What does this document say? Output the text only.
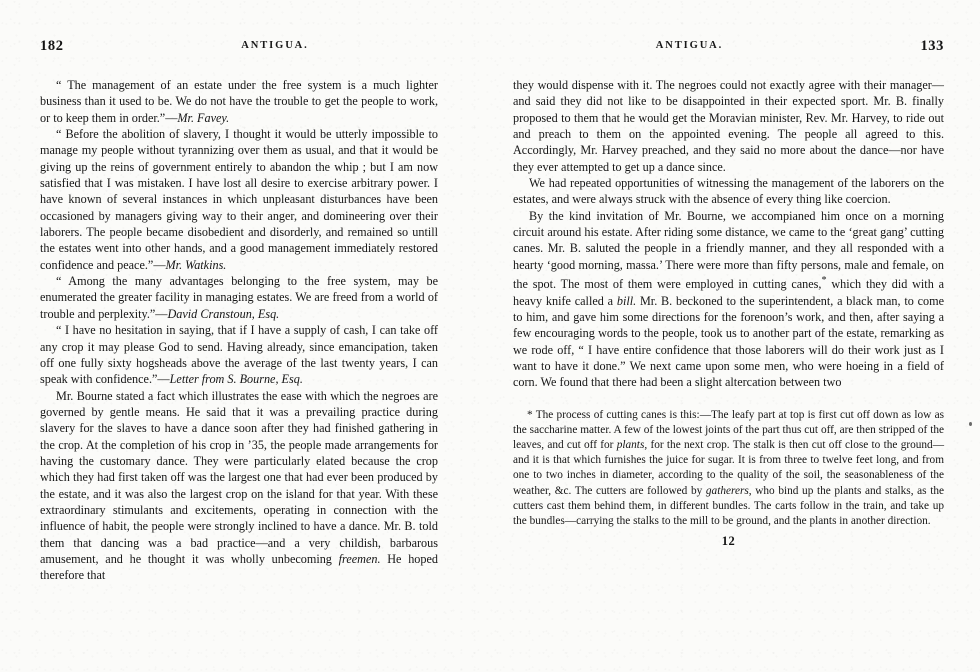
182	ANTIGUA.

“ The management of an estate under the free system is a much lighter business than it used to be. We do not have the trouble to get the people to work, or to keep them in order.”—Mr. Favey.

“ Before the abolition of slavery, I thought it would be utterly impossible to manage my people without tyrannizing over them as usual, and that it would be giving up the reins of government entirely to abandon the whip ; but I am now satisfied that I was mistaken. I have lost all desire to exercise arbitrary power. I have known of several instances in which unpleasant disturbances have been occasioned by managers giving way to their anger, and domineering over their laborers. The people became disobedient and disorderly, and remained so untill the estates went into other hands, and a good management immediately restored confidence and peace.”—Mr. Watkins.

“ Among the many advantages belonging to the free system, may be enumerated the greater facility in managing estates. We are freed from a world of trouble and perplexity.”—David Cranstoun, Esq.

“ I have no hesitation in saying, that if I have a supply of cash, I can take off any crop it may please God to send. Having already, since emancipation, taken off one fully sixty hogsheads above the average of the last twenty years, I can speak with confidence.”—Letter from S. Bourne, Esq.

Mr. Bourne stated a fact which illustrates the ease with which the negroes are governed by gentle means. He said that it was a prevailing practice during slavery for the slaves to have a dance soon after they had finished gathering in the crop. At the completion of his crop in ’35, the people made arrangements for having the customary dance. They were particularly elated because the crop which they had first taken off was the largest one that had ever been produced by the estate, and it was also the largest crop on the island for that year. With these extraordinary stimulants and excitements, operating in connection with the influence of habit, the people were strongly inclined to have a dance. Mr. B. told them that dancing was a bad practice—and a very childish, barbarous amusement, and he thought it was wholly unbecoming freemen. He hoped therefore that

ANTIGUA.	133

they would dispense with it. The negroes could not exactly agree with their manager—and said they did not like to be disappointed in their expected sport. Mr. B. finally proposed to them that he would get the Moravian minister, Rev. Mr. Harvey, to ride out and preach to them on the appointed evening. The people all agreed to this. Accordingly, Mr. Harvey preached, and they said no more about the dance—nor have they ever attempted to get up a dance since.

We had repeated opportunities of witnessing the management of the laborers on the estates, and were always struck with the absence of every thing like coercion.

By the kind invitation of Mr. Bourne, we accompianed him once on a morning circuit around his estate. After riding some distance, we came to the ‘great gang’ cutting canes. Mr. B. saluted the people in a friendly manner, and they all responded with a hearty ‘good morning, massa.’ There were more than fifty persons, male and female, on the spot. The most of them were employed in cutting canes,* which they did with a heavy knife called a bill. Mr. B. beckoned to the superintendent, a black man, to come to him, and gave him some directions for the forenoon’s work, and then, after saying a few encouraging words to the people, took us to another part of the estate, remarking as we rode off, “ I have entire confidence that those laborers will do their work just as I want to have it done.” We next came upon some men, who were hoeing in a field of corn. We found that there had been a slight altercation between two

* The process of cutting canes is this:—The leafy part at top is first cut off down as low as the saccharine matter. A few of the lowest joints of the part thus cut off, are then stripped of the leaves, and cut off for plants, for the next crop. The stalk is then cut off close to the ground—and it is that which furnishes the juice for sugar. It is from three to twelve feet long, and from one to two inches in diameter, according to the quality of the soil, the seasonableness of the weather, &c. The cutters are followed by gatherers, who bind up the plants and stalks, as the cutters cast them behind them, in different bundles. The carts follow in the train, and take up the bundles—carrying the stalks to the mill to be ground, and the plants in another direction.

12
